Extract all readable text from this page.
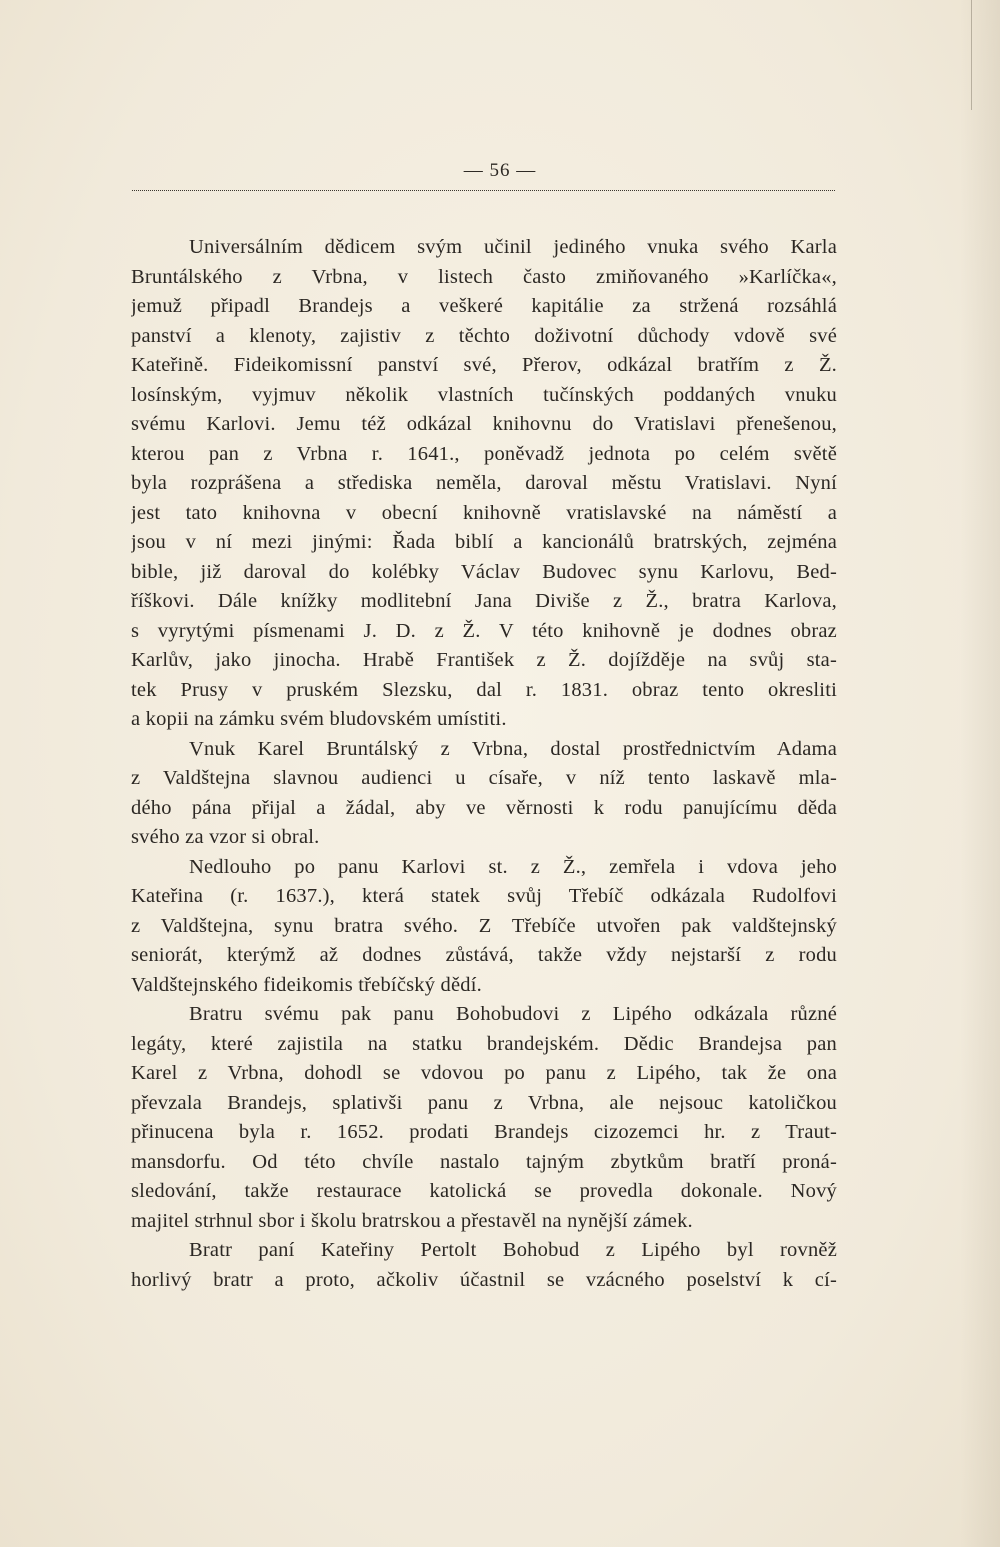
— 56 —
Universálním dědicem svým učinil jediného vnuka svého Karla
Bruntálského z Vrbna, v listech často zmiňovaného »Karlíčka«,
jemuž připadl Brandejs a veškeré kapitálie za stržená rozsáhlá
panství a klenoty, zajistiv z těchto doživotní důchody vdově své
Kateřině. Fideikomissní panství své, Přerov, odkázal bratřím z Ž.
losínským, vyjmuv několik vlastních tučínských poddaných vnuku
svému Karlovi. Jemu též odkázal knihovnu do Vratislavi přenešenou,
kterou pan z Vrbna r. 1641., poněvadž jednota po celém světě
byla rozprášena a střediska neměla, daroval městu Vratislavi. Nyní
jest tato knihovna v obecní knihovně vratislavské na náměstí a
jsou v ní mezi jinými: Řada biblí a kancionálů bratrských, zejména
bible, již daroval do kolébky Václav Budovec synu Karlovu, Bed-
říškovi. Dále knížky modlitební Jana Diviše z Ž., bratra Karlova,
s vyrytými písmenami J. D. z Ž. V této knihovně je dodnes obraz
Karlův, jako jinocha. Hrabě František z Ž. dojížděje na svůj sta-
tek Prusy v pruském Slezsku, dal r. 1831. obraz tento okresliti
a kopii na zámku svém bludovském umístiti.
Vnuk Karel Bruntálský z Vrbna, dostal prostřednictvím Adama
z Valdštejna slavnou audienci u císaře, v níž tento laskavě mla-
dého pána přijal a žádal, aby ve věrnosti k rodu panujícímu děda
svého za vzor si obral.
Nedlouho po panu Karlovi st. z Ž., zemřela i vdova jeho
Kateřina (r. 1637.), která statek svůj Třebíč odkázala Rudolfovi
z Valdštejna, synu bratra svého. Z Třebíče utvořen pak valdštejnský
seniorát, kterýmž až dodnes zůstává, takže vždy nejstarší z rodu
Valdštejnského fideikomis třebíčský dědí.
Bratru svému pak panu Bohobudovi z Lipého odkázala různé
legáty, které zajistila na statku brandejském. Dědic Brandejsa pan
Karel z Vrbna, dohodl se vdovou po panu z Lipého, tak že ona
převzala Brandejs, splativši panu z Vrbna, ale nejsouc katoličkou
přinucena byla r. 1652. prodati Brandejs cizozemci hr. z Traut-
mansdorfu. Od této chvíle nastalo tajným zbytkům bratří proná-
sledování, takže restaurace katolická se provedla dokonale. Nový
majitel strhnul sbor i školu bratrskou a přestavěl na nynější zámek.
Bratr paní Kateřiny Pertolt Bohobud z Lipého byl rovněž
horlivý bratr a proto, ačkoliv účastnil se vzácného poselství k cí-
